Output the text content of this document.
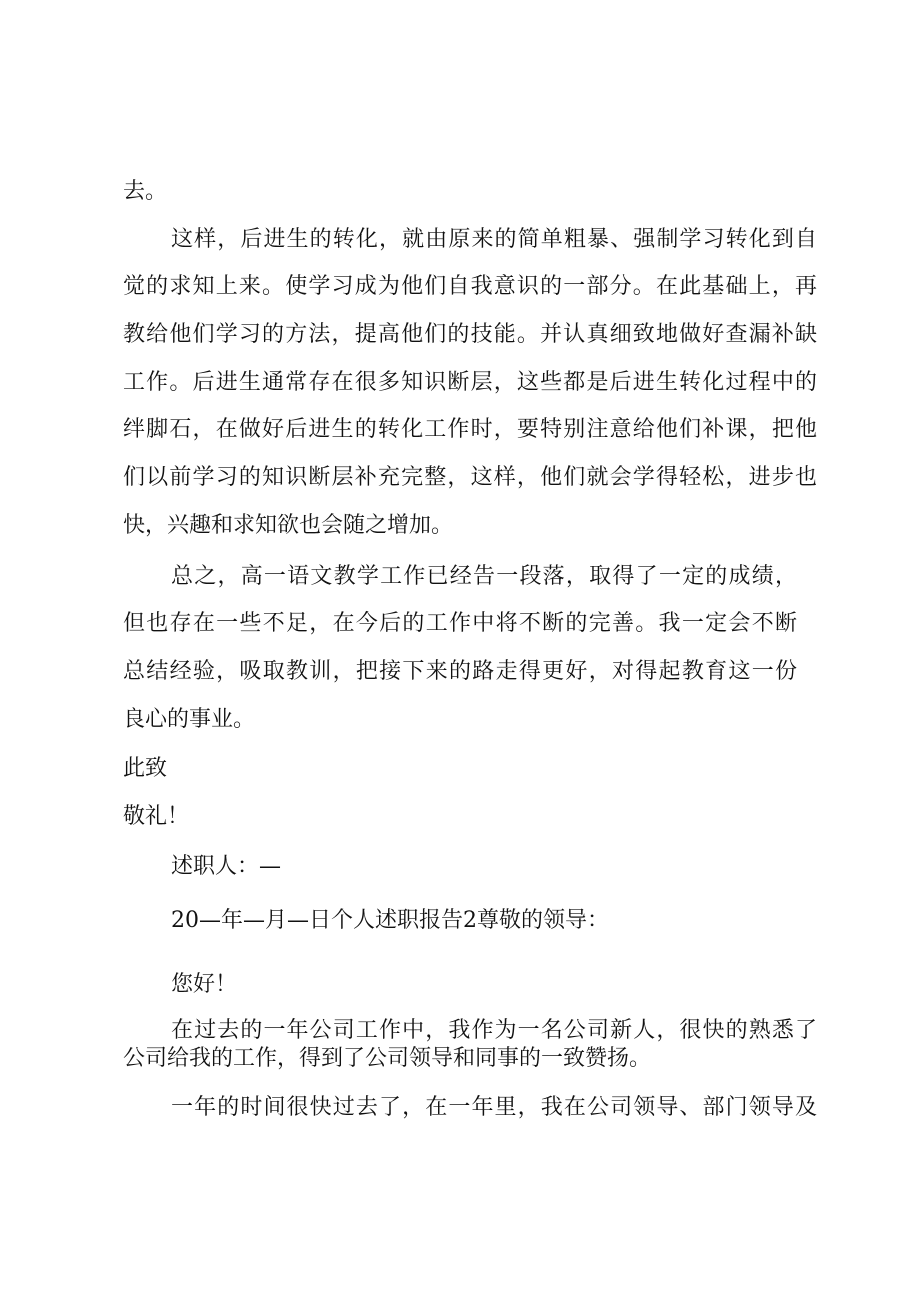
去。
这样，后进生的转化，就由原来的简单粗暴、强制学习转化到自
觉的求知上来。使学习成为他们自我意识的一部分。在此基础上，再
教给他们学习的方法，提高他们的技能。并认真细致地做好查漏补缺
工作。后进生通常存在很多知识断层，这些都是后进生转化过程中的
绊脚石，在做好后进生的转化工作时，要特别注意给他们补课，把他
们以前学习的知识断层补充完整，这样，他们就会学得轻松，进步也
快，兴趣和求知欲也会随之增加。
总之，高一语文教学工作已经告一段落，取得了一定的成绩，
但也存在一些不足，在今后的工作中将不断的完善。我一定会不断
总结经验，吸取教训，把接下来的路走得更好，对得起教育这一份
良心的事业。
此致
敬礼！
述职人：—
20—年—月—日个人述职报告2尊敬的领导：
您好！
在过去的一年公司工作中，我作为一名公司新人，很快的熟悉了
公司给我的工作，得到了公司领导和同事的一致赞扬。
一年的时间很快过去了，在一年里，我在公司领导、部门领导及
